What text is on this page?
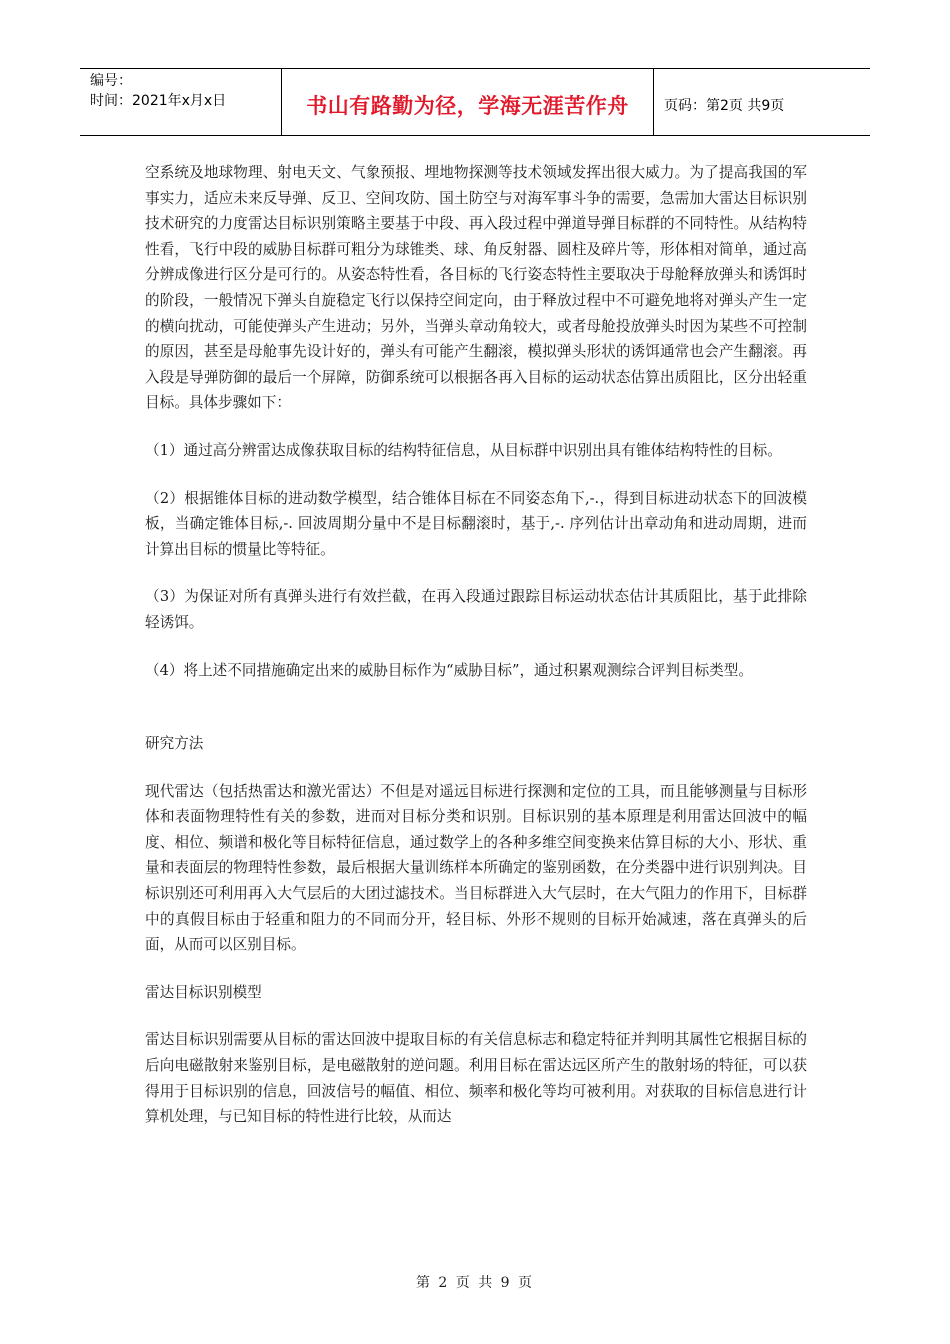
编号：
时间：2021年x月x日	书山有路勤为径，学海无涯苦作舟	页码：第2页 共9页

空系统及地球物理、射电天文、气象预报、埋地物探测等技术领域发挥出很大威力。为了提高我国的军事实力，适应未来反导弹、反卫、空间攻防、国土防空与对海军事斗争的需要，急需加大雷达目标识别技术研究的力度雷达目标识别策略主要基于中段、再入段过程中弹道导弹目标群的不同特性。从结构特性看，飞行中段的威胁目标群可粗分为球锥类、球、角反射器、圆柱及碎片等，形体相对简单，通过高分辨成像进行区分是可行的。从姿态特性看，各目标的飞行姿态特性主要取决于母舱释放弹头和诱饵时的阶段，一般情况下弹头自旋稳定飞行以保持空间定向，由于释放过程中不可避免地将对弹头产生一定的横向扰动，可能使弹头产生进动；另外，当弹头章动角较大，或者母舱投放弹头时因为某些不可控制的原因，甚至是母舱事先设计好的，弹头有可能产生翻滚，模拟弹头形状的诱饵通常也会产生翻滚。再入段是导弹防御的最后一个屏障，防御系统可以根据各再入目标的运动状态估算出质阻比，区分出轻重目标。具体步骤如下：

（1）通过高分辨雷达成像获取目标的结构特征信息，从目标群中识别出具有锥体结构特性的目标。

（2）根据锥体目标的进动数学模型，结合锥体目标在不同姿态角下,-.，得到目标进动状态下的回波模板，当确定锥体目标,-. 回波周期分量中不是目标翻滚时，基于,-. 序列估计出章动角和进动周期，进而计算出目标的惯量比等特征。

（3）为保证对所有真弹头进行有效拦截，在再入段通过跟踪目标运动状态估计其质阻比，基于此排除轻诱饵。

（4）将上述不同措施确定出来的威胁目标作为“威胁目标”，通过积累观测综合评判目标类型。

研究方法

现代雷达（包括热雷达和激光雷达）不但是对遥远目标进行探测和定位的工具，而且能够测量与目标形体和表面物理特性有关的参数，进而对目标分类和识别。目标识别的基本原理是利用雷达回波中的幅度、相位、频谱和极化等目标特征信息，通过数学上的各种多维空间变换来估算目标的大小、形状、重量和表面层的物理特性参数，最后根据大量训练样本所确定的鉴别函数，在分类器中进行识别判决。目标识别还可利用再入大气层后的大团过滤技术。当目标群进入大气层时，在大气阻力的作用下，目标群中的真假目标由于轻重和阻力的不同而分开，轻目标、外形不规则的目标开始减速，落在真弹头的后面，从而可以区别目标。

雷达目标识别模型

雷达目标识别需要从目标的雷达回波中提取目标的有关信息标志和稳定特征并判明其属性它根据目标的后向电磁散射来鉴别目标，是电磁散射的逆问题。利用目标在雷达远区所产生的散射场的特征，可以获得用于目标识别的信息，回波信号的幅值、相位、频率和极化等均可被利用。对获取的目标信息进行计算机处理，与已知目标的特性进行比较，从而达

第 2 页 共 9 页
